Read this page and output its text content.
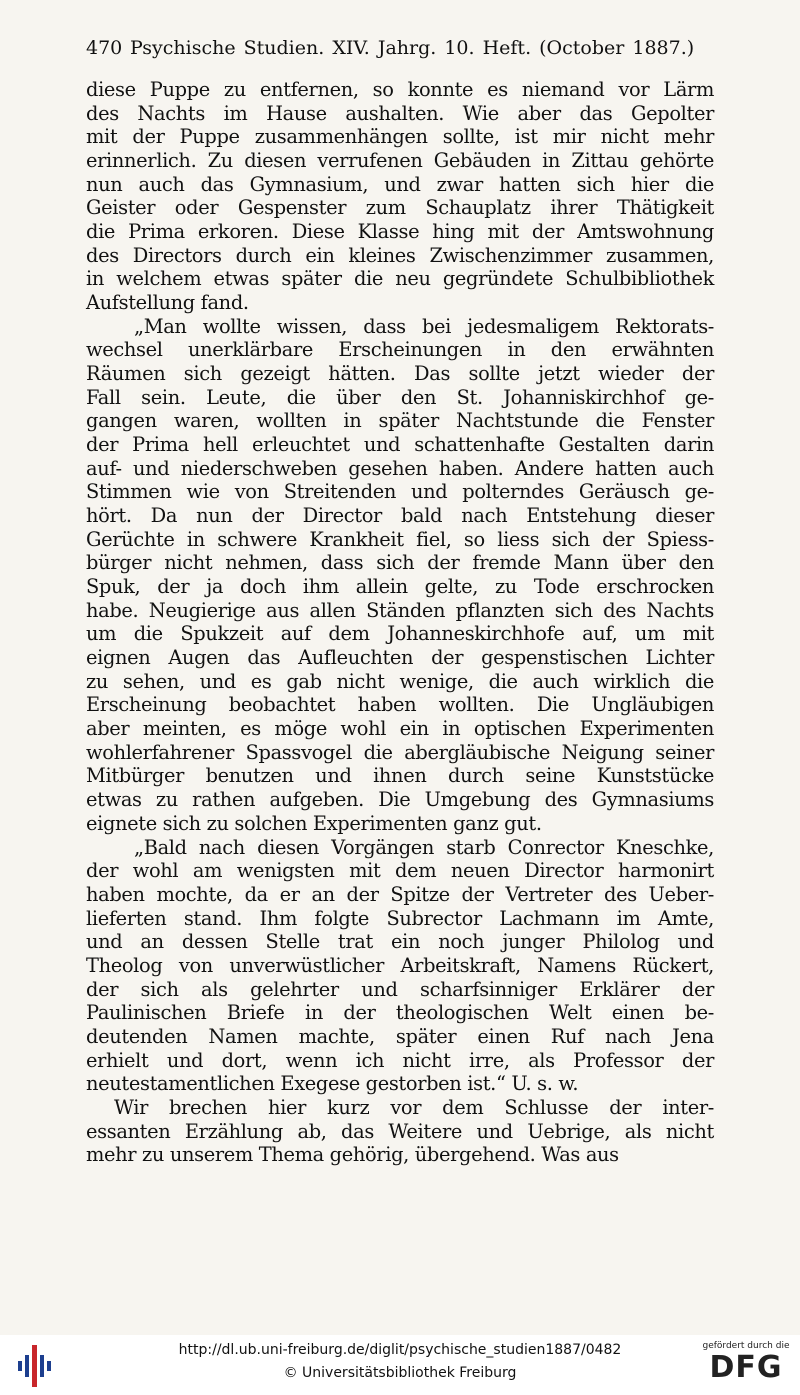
470 Psychische Studien. XIV. Jahrg. 10. Heft. (October 1887.)
diese Puppe zu entfernen, so konnte es niemand vor Lärm
des Nachts im Hause aushalten. Wie aber das Gepolter
mit der Puppe zusammenhängen sollte, ist mir nicht mehr
erinnerlich. Zu diesen verrufenen Gebäuden in Zittau gehörte
nun auch das Gymnasium, und zwar hatten sich hier die
Geister oder Gespenster zum Schauplatz ihrer Thätigkeit
die Prima erkoren. Diese Klasse hing mit der Amtswohnung
des Directors durch ein kleines Zwischenzimmer zusammen,
in welchem etwas später die neu gegründete Schulbibliothek
Aufstellung fand.
„Man wollte wissen, dass bei jedesmaligem Rektorats-
wechsel unerklärbare Erscheinungen in den erwähnten
Räumen sich gezeigt hätten. Das sollte jetzt wieder der
Fall sein. Leute, die über den St. Johanniskirchhof ge-
gangen waren, wollten in später Nachtstunde die Fenster
der Prima hell erleuchtet und schattenhafte Gestalten darin
auf- und niederschweben gesehen haben. Andere hatten auch
Stimmen wie von Streitenden und polterndes Geräusch ge-
hört. Da nun der Director bald nach Entstehung dieser
Gerüchte in schwere Krankheit fiel, so liess sich der Spiess-
bürger nicht nehmen, dass sich der fremde Mann über den
Spuk, der ja doch ihm allein gelte, zu Tode erschrocken
habe. Neugierige aus allen Ständen pflanzten sich des Nachts
um die Spukzeit auf dem Johanneskirchhofe auf, um mit
eignen Augen das Aufleuchten der gespenstischen Lichter
zu sehen, und es gab nicht wenige, die auch wirklich die
Erscheinung beobachtet haben wollten. Die Ungläubigen
aber meinten, es möge wohl ein in optischen Experimenten
wohlerfahrener Spassvogel die abergläubische Neigung seiner
Mitbürger benutzen und ihnen durch seine Kunststücke
etwas zu rathen aufgeben. Die Umgebung des Gymnasiums
eignete sich zu solchen Experimenten ganz gut.
„Bald nach diesen Vorgängen starb Conrector Kneschke,
der wohl am wenigsten mit dem neuen Director harmonirt
haben mochte, da er an der Spitze der Vertreter des Ueber-
lieferten stand. Ihm folgte Subrector Lachmann im Amte,
und an dessen Stelle trat ein noch junger Philolog und
Theolog von unverwüstlicher Arbeitskraft, Namens Rückert,
der sich als gelehrter und scharfsinniger Erklärer der
Paulinischen Briefe in der theologischen Welt einen be-
deutenden Namen machte, später einen Ruf nach Jena
erhielt und dort, wenn ich nicht irre, als Professor der
neutestamentlichen Exegese gestorben ist.“ U. s. w.
Wir brechen hier kurz vor dem Schlusse der inter-
essanten Erzählung ab, das Weitere und Uebrige, als nicht
mehr zu unserem Thema gehörig, übergehend. Was aus
http://dl.ub.uni-freiburg.de/diglit/psychische_studien1887/0482
© Universitätsbibliothek Freiburg
gefördert durch die
DFG
